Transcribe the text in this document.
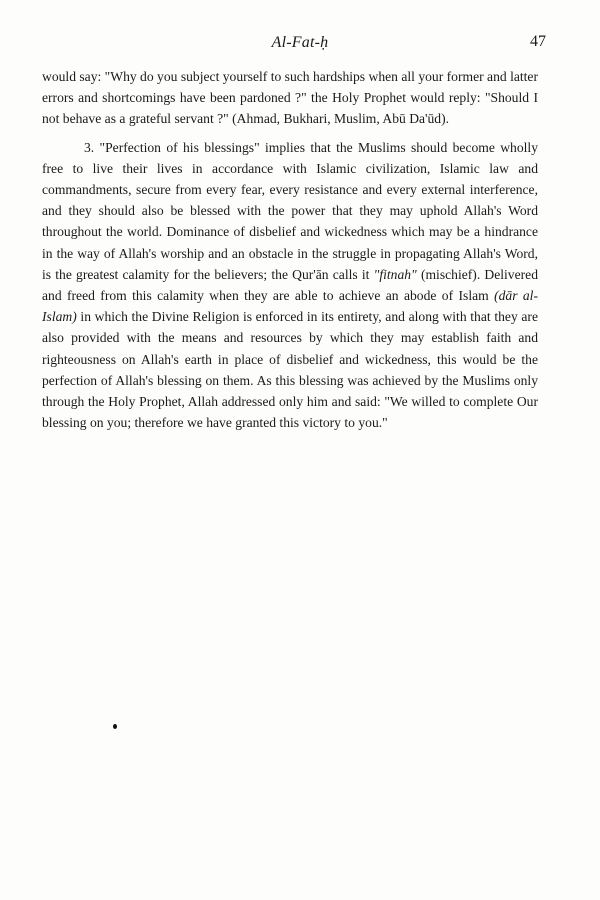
Al-Fat-ḥ	47

would say: "Why do you subject yourself to such hardships when all your former and latter errors and shortcomings have been pardoned ?" the Holy Prophet would reply: "Should I not behave as a grateful servant ?" (Ahmad, Bukhari, Muslim, Abū Da'ūd).

3. "Perfection of his blessings" implies that the Muslims should become wholly free to live their lives in accordance with Islamic civilization, Islamic law and commandments, secure from every fear, every resistance and every external interference, and they should also be blessed with the power that they may uphold Allah's Word throughout the world. Dominance of disbelief and wickedness which may be a hindrance in the way of Allah's worship and an obstacle in the struggle in propagating Allah's Word, is the greatest calamity for the believers; the Qur'ān calls it "fitnah" (mischief). Delivered and freed from this calamity when they are able to achieve an abode of Islam (dār al-Islam) in which the Divine Religion is enforced in its entirety, and along with that they are also provided with the means and resources by which they may establish faith and righteousness on Allah's earth in place of disbelief and wickedness, this would be the perfection of Allah's blessing on them. As this blessing was achieved by the Muslims only through the Holy Prophet, Allah addressed only him and said: "We willed to complete Our blessing on you; therefore we have granted this victory to you."
